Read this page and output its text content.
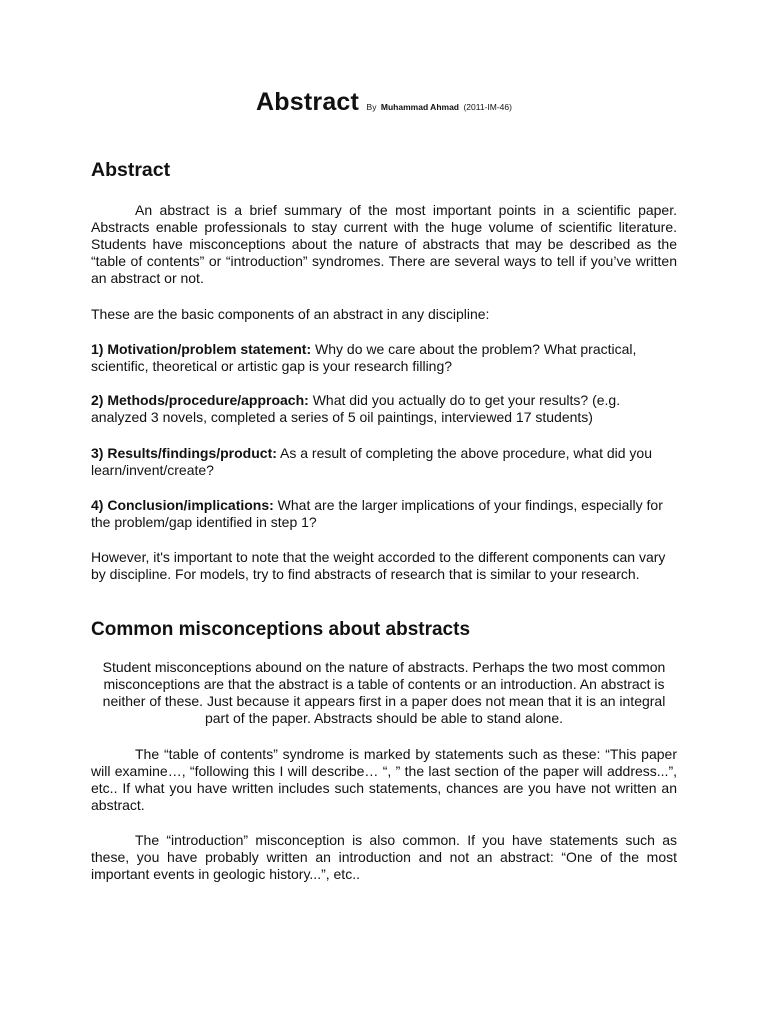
Abstract By Muhammad Ahmad (2011-IM-46)
Abstract

An abstract is a brief summary of the most important points in a scientific paper. Abstracts enable professionals to stay current with the huge volume of scientific literature. Students have misconceptions about the nature of abstracts that may be described as the “table of contents” or “introduction” syndromes. There are several ways to tell if you’ve written an abstract or not.

These are the basic components of an abstract in any discipline:

1) Motivation/problem statement: Why do we care about the problem? What practical, scientific, theoretical or artistic gap is your research filling?

2) Methods/procedure/approach: What did you actually do to get your results? (e.g. analyzed 3 novels, completed a series of 5 oil paintings, interviewed 17 students)

3) Results/findings/product: As a result of completing the above procedure, what did you learn/invent/create?

4) Conclusion/implications: What are the larger implications of your findings, especially for the problem/gap identified in step 1?

However, it's important to note that the weight accorded to the different components can vary by discipline. For models, try to find abstracts of research that is similar to your research.

Common misconceptions about abstracts

Student misconceptions abound on the nature of abstracts. Perhaps the two most common misconceptions are that the abstract is a table of contents or an introduction. An abstract is neither of these. Just because it appears first in a paper does not mean that it is an integral part of the paper. Abstracts should be able to stand alone.

The “table of contents” syndrome is marked by statements such as these: “This paper will examine…, “following this I will describe… “, ” the last section of the paper will address...”, etc.. If what you have written includes such statements, chances are you have not written an abstract.

The “introduction” misconception is also common. If you have statements such as these, you have probably written an introduction and not an abstract: “One of the most important events in geologic history...”, etc..
